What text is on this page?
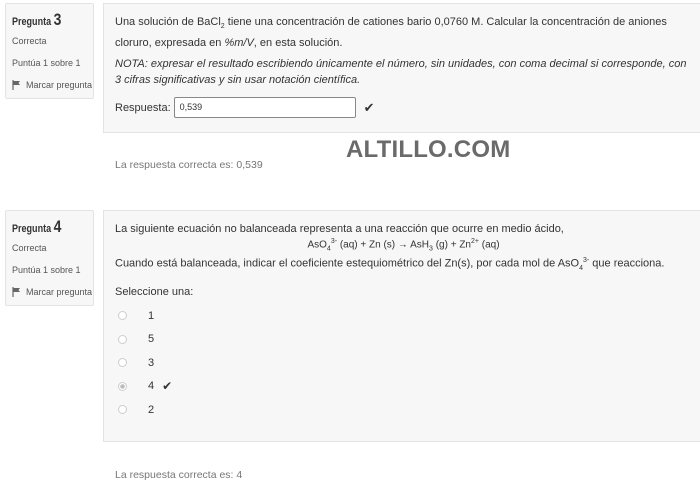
Pregunta 3
Correcta
Puntúa 1 sobre 1
Marcar pregunta
Una solución de BaCl$_2$ tiene una concentración de cationes bario 0,0760 M. Calcular la concentración de aniones cloruro, expresada en %m/V, en esta solución.
NOTA: expresar el resultado escribiendo únicamente el número, sin unidades, con coma decimal si corresponde, con 3 cifras significativas y sin usar notación científica.
Respuesta:	0,539	✔
La respuesta correcta es: 0,539
ALTILLO.COM
Pregunta 4
Correcta
Puntúa 1 sobre 1
Marcar pregunta
La siguiente ecuación no balanceada representa a una reacción que ocurre en medio ácido,
AsO$_4^{3-}$ (aq) + Zn (s) → AsH$_3$ $(g) + Zn^{2+}$ (aq)
Cuando está balanceada, indicar el coeficiente estequiométrico del Zn(s), por cada mol de AsO$_4^{3-}$ que reacciona.
Seleccione una:
1
5
3
4 ✔
2
La respuesta correcta es: 4
